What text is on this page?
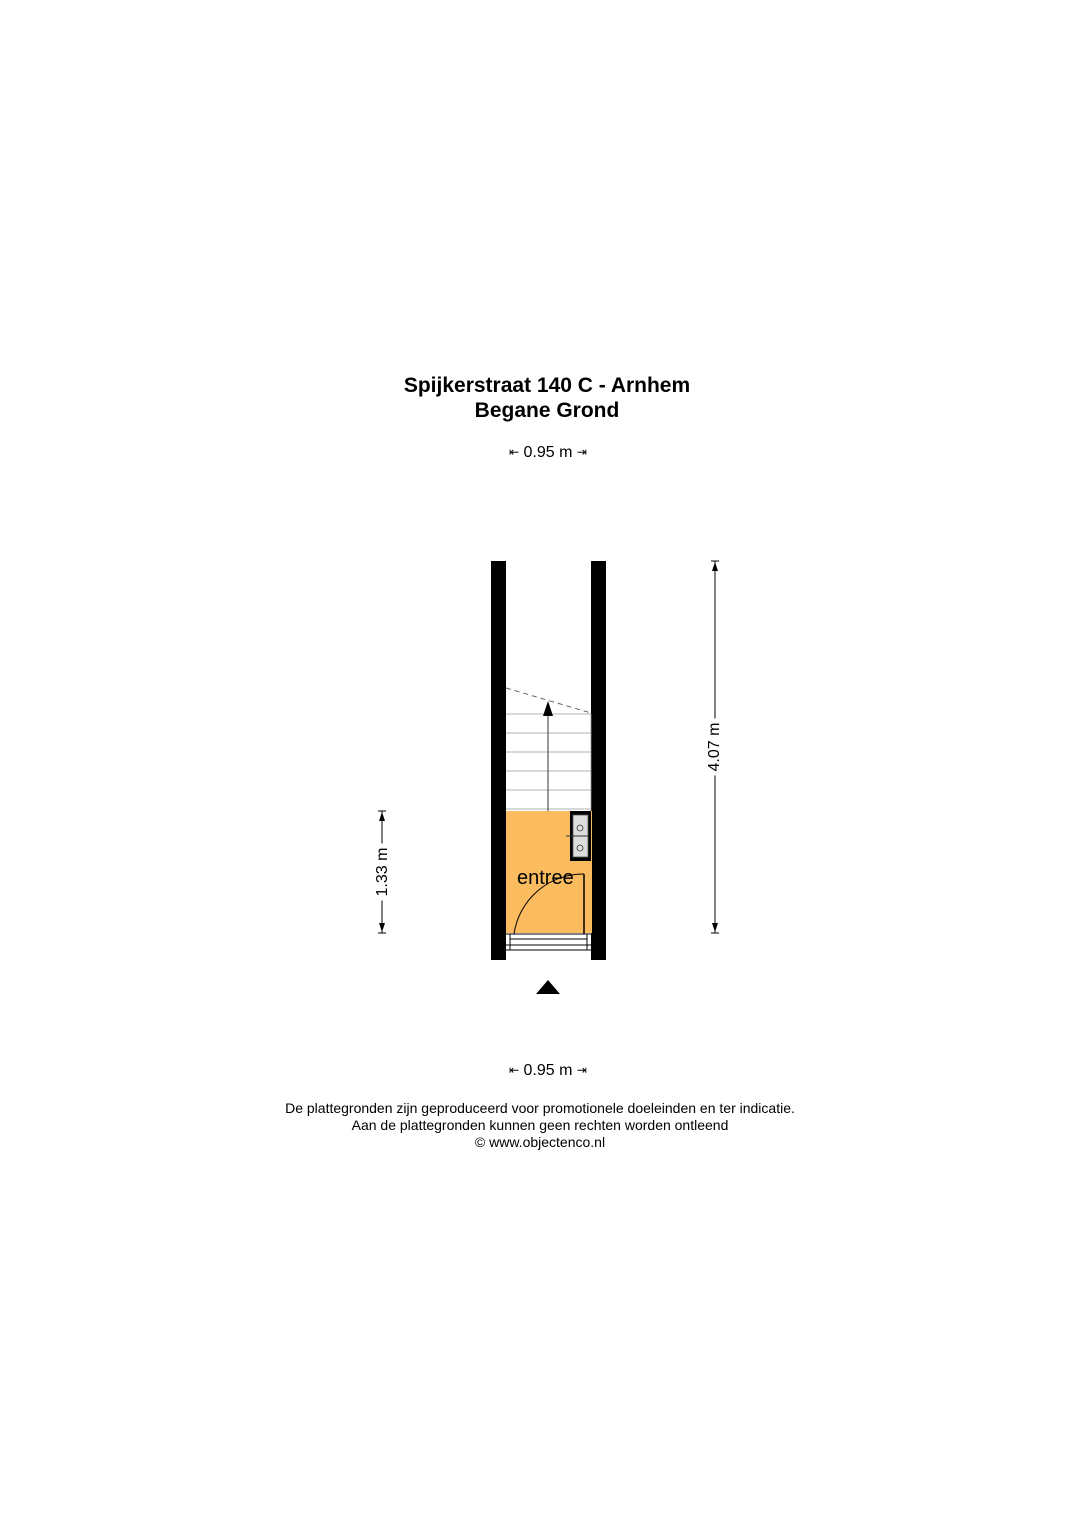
Spijkerstraat 140 C - Arnhem
Begane Grond
⇤ 0.95 m ⇥
entree
4.07 m
1.33 m
⇤ 0.95 m ⇥
De plattegronden zijn geproduceerd voor promotionele doeleinden en ter indicatie.
Aan de plattegronden kunnen geen rechten worden ontleend
© www.objectenco.nl
